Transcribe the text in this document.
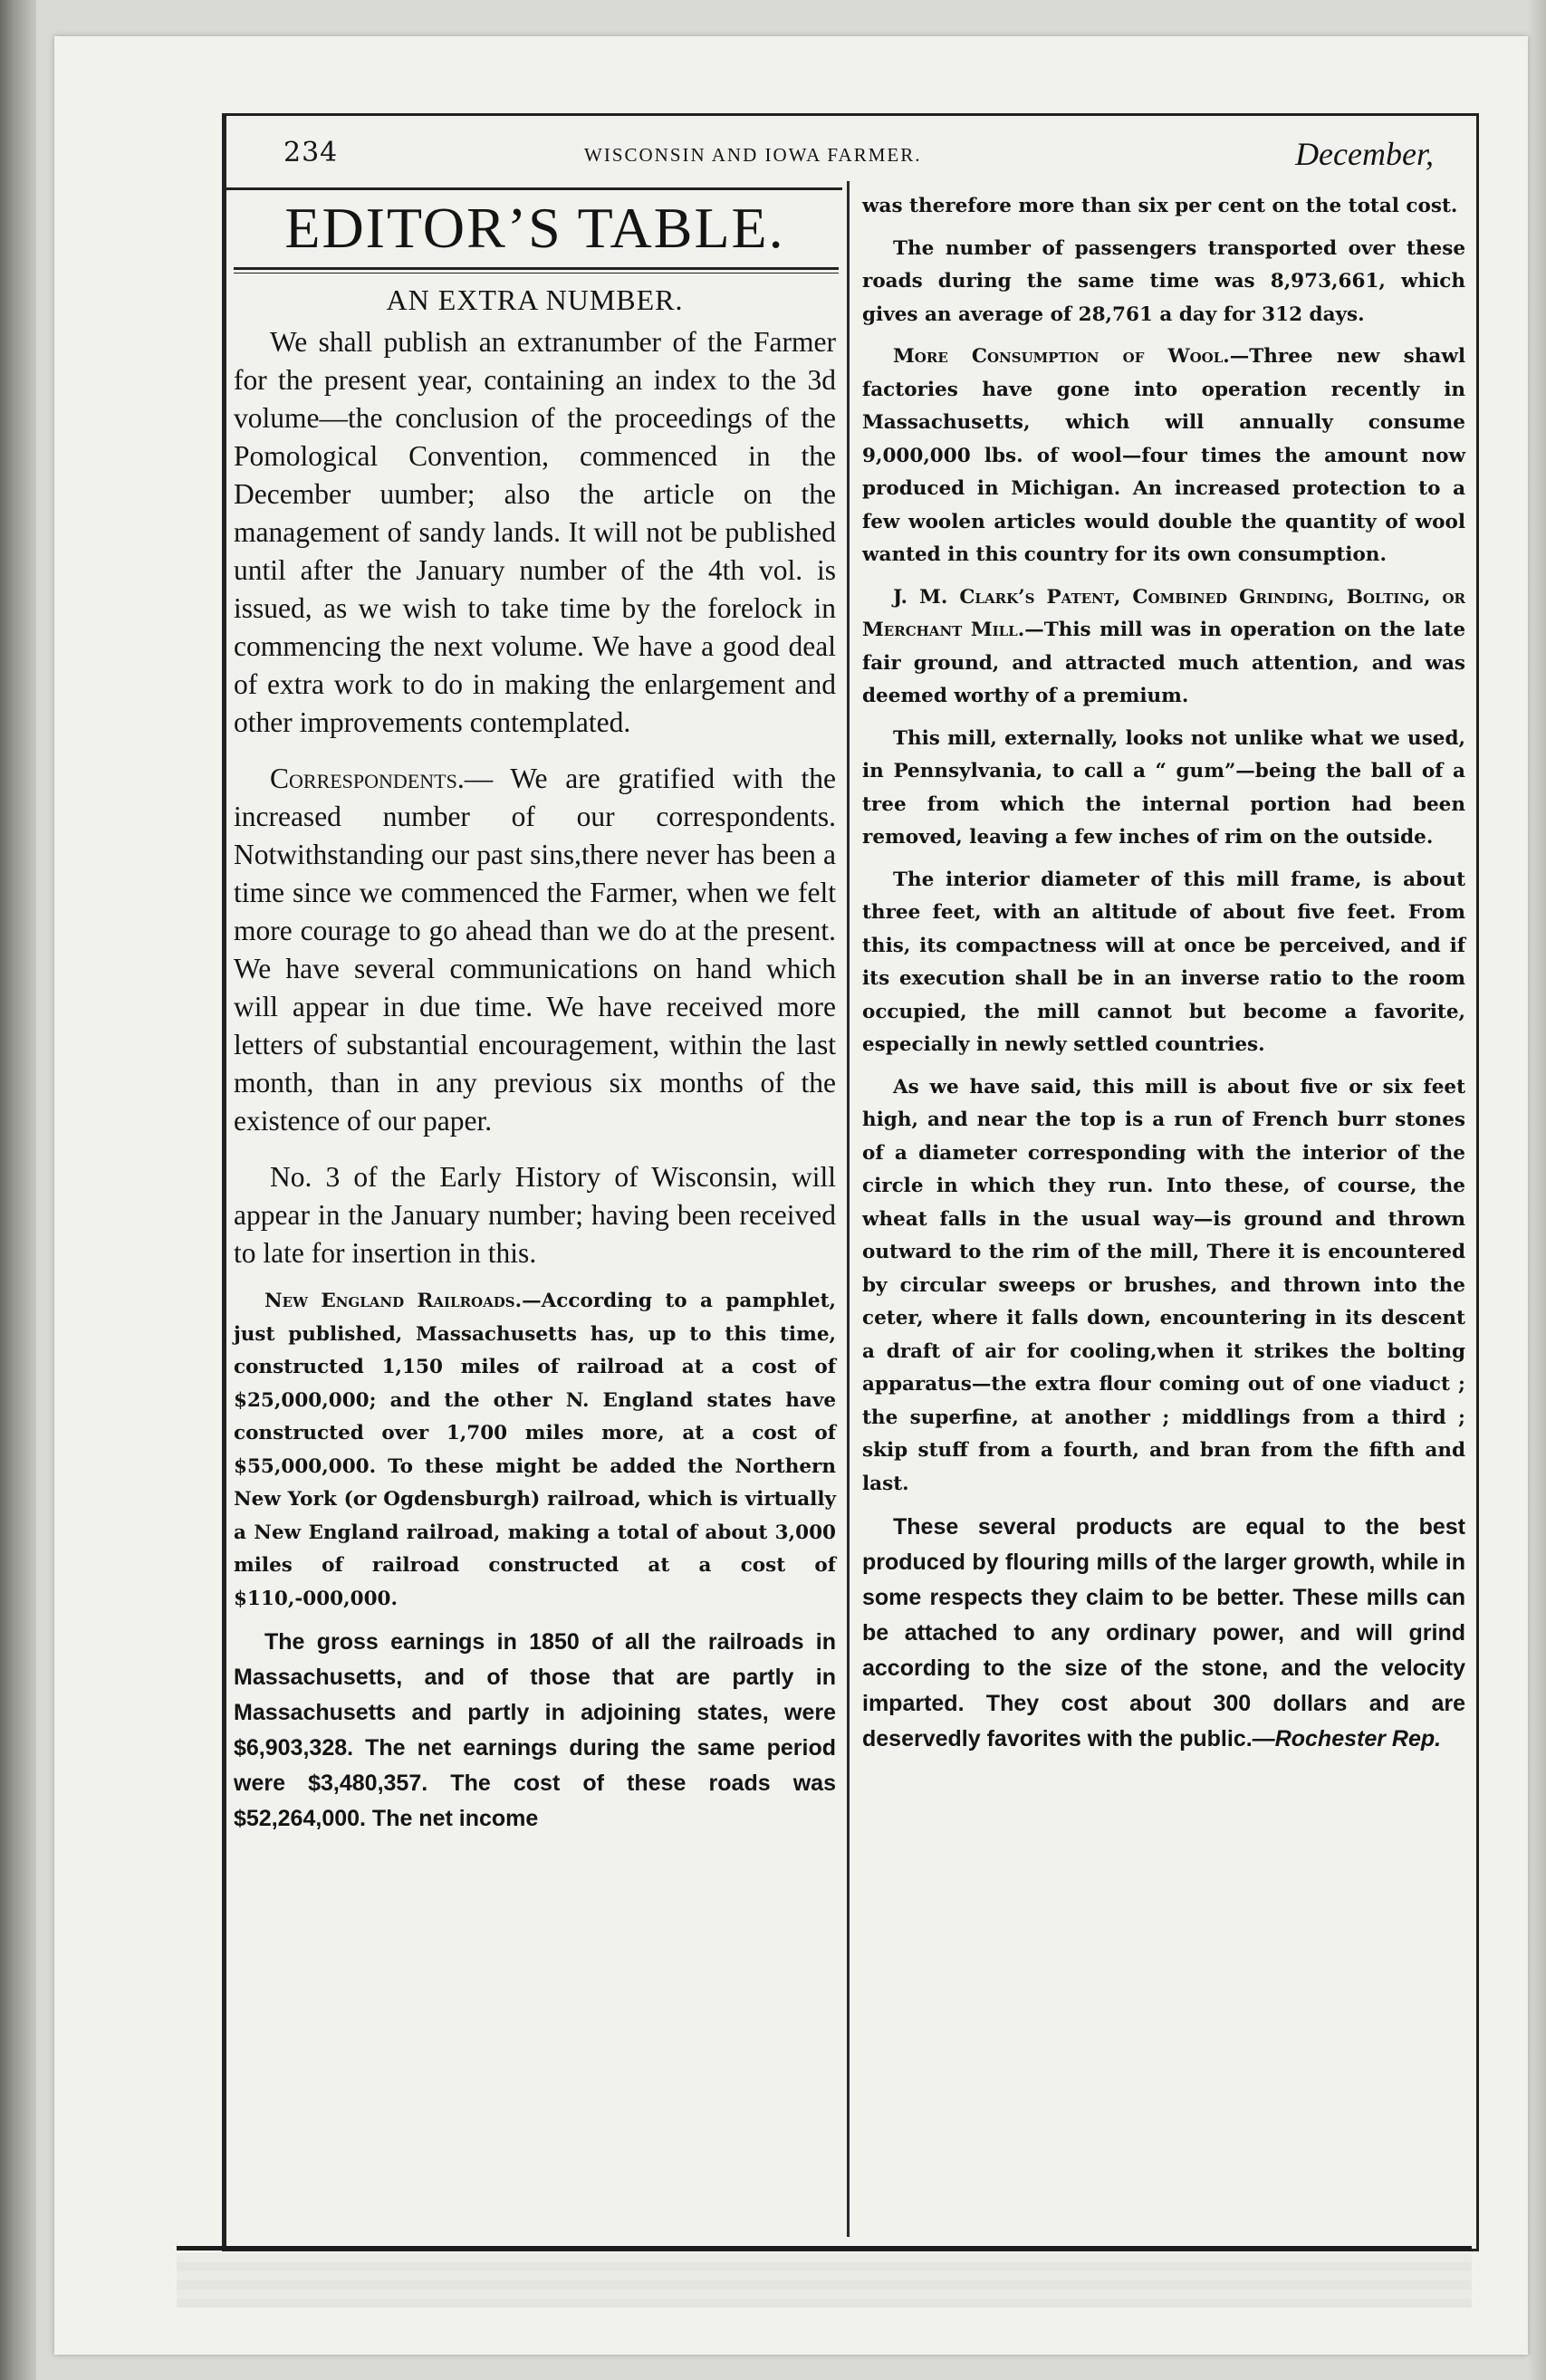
234	WISCONSIN AND IOWA FARMER.	December,
EDITOR’S TABLE.
AN EXTRA NUMBER.

We shall publish an extranumber of the Farmer for the present year, containing an index to the 3d volume—the conclusion of the proceedings of the Pomological Convention, commenced in the December uumber; also the article on the management of sandy lands. It will not be published until after the January number of the 4th vol. is issued, as we wish to take time by the forelock in commencing the next volume. We have a good deal of extra work to do in making the enlargement and other improvements contemplated.

Correspondents.— We are gratified with the increased number of our correspondents. Notwithstanding our past sins,there never has been a time since we commenced the Farmer, when we felt more courage to go ahead than we do at the present. We have several communications on hand which will appear in due time. We have received more letters of substantial encouragement, within the last month, than in any previous six months of the existence of our paper.

No. 3 of the Early History of Wisconsin, will appear in the January number; having been received to late for insertion in this.

New England Railroads.—According to a pamphlet, just published, Massachusetts has, up to this time, constructed 1,150 miles of railroad at a cost of $25,000,000; and the other N. England states have constructed over 1,700 miles more, at a cost of $55,000,000. To these might be added the Northern New York (or Ogdensburgh) railroad, which is virtually a New England railroad, making a total of about 3,000 miles of railroad constructed at a cost of $110,-000,000.

The gross earnings in 1850 of all the railroads in Massachusetts, and of those that are partly in Massachusetts and partly in adjoining states, were $6,903,328. The net earnings during the same period were $3,480,357. The cost of these roads was $52,264,000. The net income

was therefore more than six per cent on the total cost.

The number of passengers transported over these roads during the same time was 8,973,661, which gives an average of 28,761 a day for 312 days.

More Consumption of Wool.—Three new shawl factories have gone into operation recently in Massachusetts, which will annually consume 9,000,000 lbs. of wool—four times the amount now produced in Michigan. An increased protection to a few woolen articles would double the quantity of wool wanted in this country for its own consumption.

J. M. Clark’s Patent, Combined Grinding, Bolting, or Merchant Mill.—This mill was in operation on the late fair ground, and attracted much attention, and was deemed worthy of a premium.

This mill, externally, looks not unlike what we used, in Pennsylvania, to call a “ gum”—being the ball of a tree from which the internal portion had been removed, leaving a few inches of rim on the outside.

The interior diameter of this mill frame, is about three feet, with an altitude of about five feet. From this, its compactness will at once be perceived, and if its execution shall be in an inverse ratio to the room occupied, the mill cannot but become a favorite, especially in newly settled countries.

As we have said, this mill is about five or six feet high, and near the top is a run of French burr stones of a diameter corresponding with the interior of the circle in which they run. Into these, of course, the wheat falls in the usual way—is ground and thrown outward to the rim of the mill, There it is encountered by circular sweeps or brushes, and thrown into the ceter, where it falls down, encountering in its descent a draft of air for cooling,when it strikes the bolting apparatus—the extra flour coming out of one viaduct ; the superfine, at another ; middlings from a third ; skip stuff from a fourth, and bran from the fifth and last.

These several products are equal to the best produced by flouring mills of the larger growth, while in some respects they claim to be better. These mills can be attached to any ordinary power, and will grind according to the size of the stone, and the velocity imparted. They cost about 300 dollars and are deservedly favorites with the public.—Rochester Rep.
